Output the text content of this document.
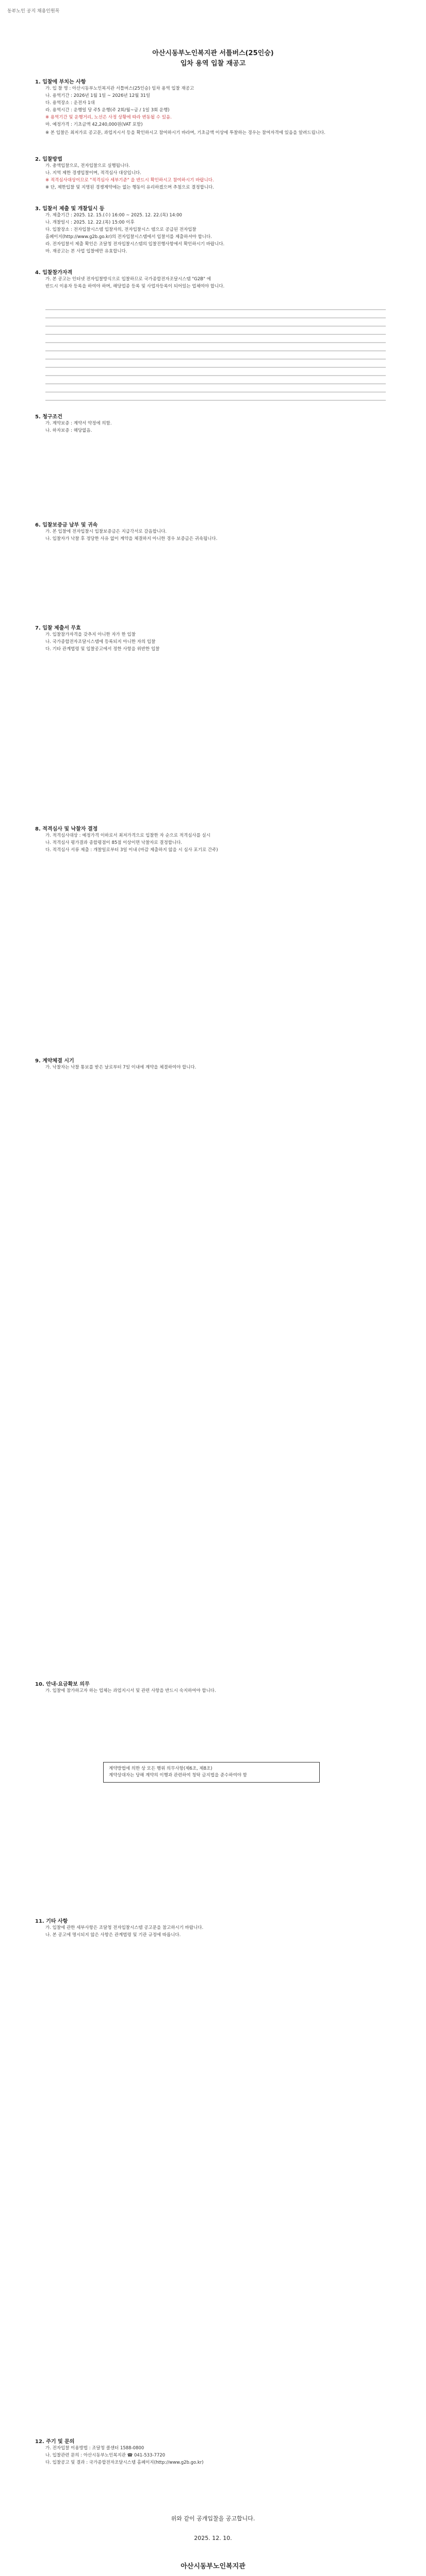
동부노인 공지 채용인원목
아산시동부노인복지관 서틀버스(25인승)
입차 용역 입찰 재공고
1. 입찰에 부치는 사항
가. 입 찰 명 : 아산시동부노인복지관 서틀버스(25인승) 임차 용역 입찰 재공고
나. 용역기간 : 2026년 1월 1일 ~ 2026년 12월 31일
다. 용역장소 : 운전자 1대
라. 용역시간 : 운행일 당 주5 운행(주 2회/월~금 / 1일 3회 운행)
※ 용역기간 및 운행거리, 노선은 사정 상황에 따라 변동될 수 있음.
마. 예정가격 : 기초금액 42,240,000원(VAT 포함)
※ 본 입찰은 최저가로 공고문, 과업지시서 등을 확인하시고 참여하시기 바라며, 기초금액 이상에 투찰하는 경우는 참여자격에 있음을 알려드립니다.
2. 입찰방법
가. 총액입찰으로, 전자입찰으로 실행됩니다.
나. 지역 제한 경쟁입찰이며, 적격심사 대상입니다.
※ 적격심사대상이므로 "적격심사 세부기준" 을 반드시 확인하시고 참여하시기 바랍니다.
※ 단, 제한입찰 및 지명된 경쟁계약에는 없는 행동이 유리하겠으며 추첨으로 결정합니다.
3. 입찰서 제출 및 개찰일시 등
가. 제출기간 : 2025. 12. 15.(수) 16:00 ~ 2025. 12. 22.(목) 14:00
나. 개찰일시 : 2025. 12. 22.(목) 15:00 이후
다. 입찰장소 : 전자입찰시스템 입찰자의, 전자입찰시스 템으로 공급된 전자입찰
홈페이지(http://www.g2b.go.kr)의 전자입찰시스템에서 입찰서를 제출하셔야 합니다.
라. 전자입찰서 제출 확인은 조달청 전자입찰시스템의 입찰진행사항에서 확인하시기 바랍니다.
마. 재공고는 본 사업 입찰에만 유효합니다.
4. 입찰참가자격
가. 본 공고는 인터넷 전자입찰방식으로 입찰하므로 국가종합전자조달시스템 "G2B" 에
반드시 이용자 등록을 하여야 하며, 해당업종 등록 및 사업자등록이 되어있는 업체여야 합니다.
5. 청구조건
가. 계약보증 : 계약서 약정에 의함.
나. 하자보증 : 해당없음.
6. 입찰보증금 납부 및 귀속
가. 본 입찰에 전자입찰시 입찰보증금은 지급각서로 갈음합니다.
나. 입찰자가 낙찰 후 정당한 사유 없이 계약을 체결하지 아니한 경우 보증금은 귀속됩니다.
7. 입찰 제출서 무효
가. 입찰참가자격을 갖추지 아니한 자가 한 입찰
나. 국가종합전자조달시스템에 등록되지 아니한 자의 입찰
다. 기타 관계법령 및 입찰공고에서 정한 사항을 위반한 입찰
8. 적격심사 및 낙찰자 결정
가. 적격심사대상 : 예정가격 이하로서 최저가격으로 입찰한 자 순으로 적격심사를 실시
나. 적격심사 평가결과 종합평점이 85점 이상이면 낙찰자로 결정합니다.
다. 적격심사 서류 제출 : 개찰일로부터 3일 이내 (마감 제출하지 않을 시 심사 포기로 간주)
9. 계약체결 시기
가. 낙찰자는 낙찰 통보를 받은 날로부터 7일 이내에 계약을 체결하여야 합니다.
10. 안내·요금확보 의무
가. 입찰에 참가하고자 하는 업체는 과업지시서 및 관련 사항을 반드시 숙지하여야 합니다.
계약방법에 의한 상 모든 행위 의무사항(제6조, 제8조)
계약상대자는 당해 계약의 이행과 관련하여 청탁 금지법을 준수하여야 함
11. 기타 사항
가. 입찰에 관한 세부사항은 조달청 전자입찰시스템 공고문을 참고하시기 바랍니다.
나. 본 공고에 명시되지 않은 사항은 관계법령 및 기관 규정에 따릅니다.
12. 주기 및 문의
가. 전자입찰 이용방법 : 조달청 콜센터 1588-0800
나. 입찰관련 문의 : 아산시동부노인복지관 ☎ 041-533-7720
다. 입찰공고 및 결과 : 국가종합전자조달시스템 홈페이지(http://www.g2b.go.kr)
위와 같이 공개입찰을 공고합니다.
2025. 12. 10.
아산시동부노인복지관
